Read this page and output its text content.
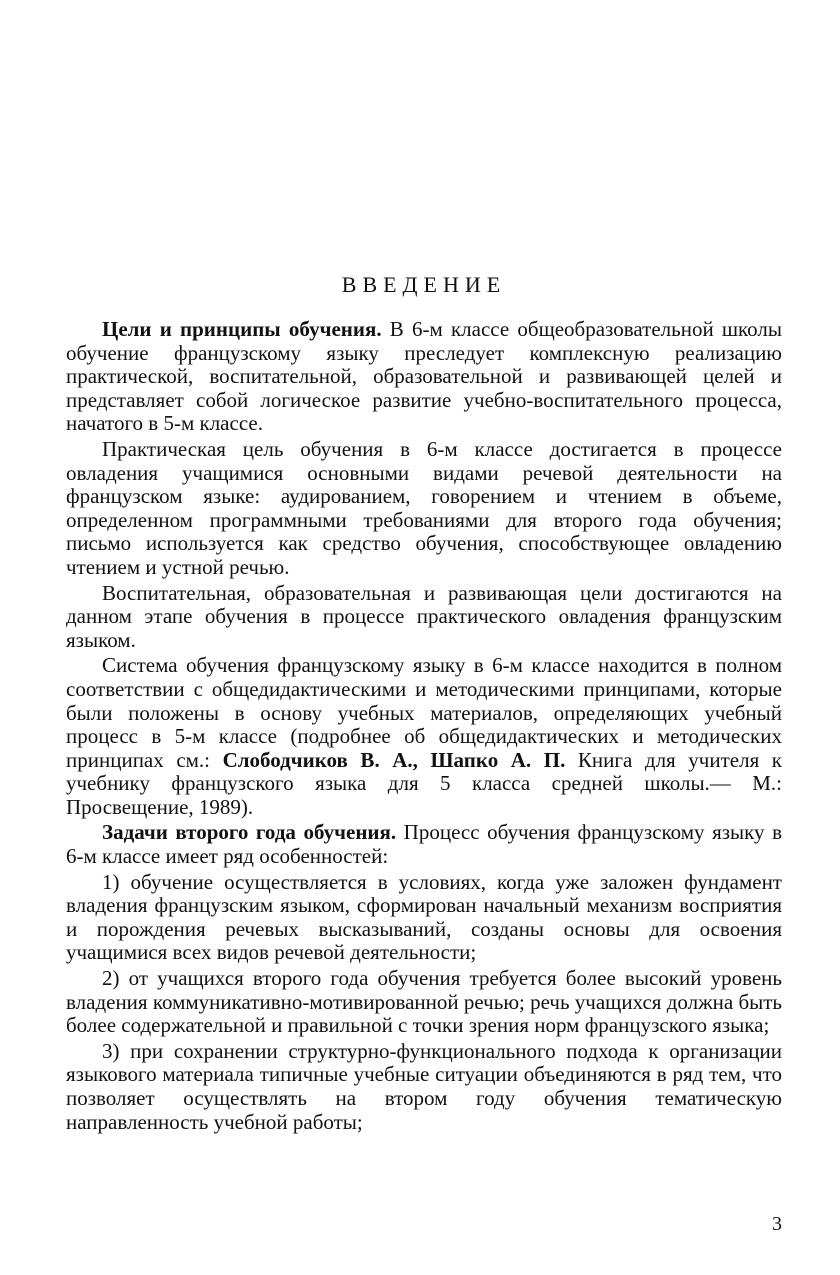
ВВЕДЕНИЕ

Цели и принципы обучения. В 6-м классе общеобразовательной школы обучение французскому языку преследует комплексную реализацию практической, воспитательной, образовательной и развивающей целей и представляет собой логическое развитие учебно-воспитательного процесса, начатого в 5-м классе.

Практическая цель обучения в 6-м классе достигается в процессе овладения учащимися основными видами речевой деятельности на французском языке: аудированием, говорением и чтением в объеме, определенном программными требованиями для второго года обучения; письмо используется как средство обучения, способствующее овладению чтением и устной речью.

Воспитательная, образовательная и развивающая цели достигаются на данном этапе обучения в процессе практического овладения французским языком.

Система обучения французскому языку в 6-м классе находится в полном соответствии с общедидактическими и методическими принципами, которые были положены в основу учебных материалов, определяющих учебный процесс в 5-м классе (подробнее об общедидактических и методических принципах см.: Слободчиков В. А., Шапко А. П. Книга для учителя к учебнику французского языка для 5 класса средней школы.— М.: Просвещение, 1989).

Задачи второго года обучения. Процесс обучения французскому языку в 6-м классе имеет ряд особенностей:

1) обучение осуществляется в условиях, когда уже заложен фундамент владения французским языком, сформирован начальный механизм восприятия и порождения речевых высказываний, созданы основы для освоения учащимися всех видов речевой деятельности;

2) от учащихся второго года обучения требуется более высокий уровень владения коммуникативно-мотивированной речью; речь учащихся должна быть более содержательной и правильной с точки зрения норм французского языка;

3) при сохранении структурно-функционального подхода к организации языкового материала типичные учебные ситуации объединяются в ряд тем, что позволяет осуществлять на втором году обучения тематическую направленность учебной работы;

3
